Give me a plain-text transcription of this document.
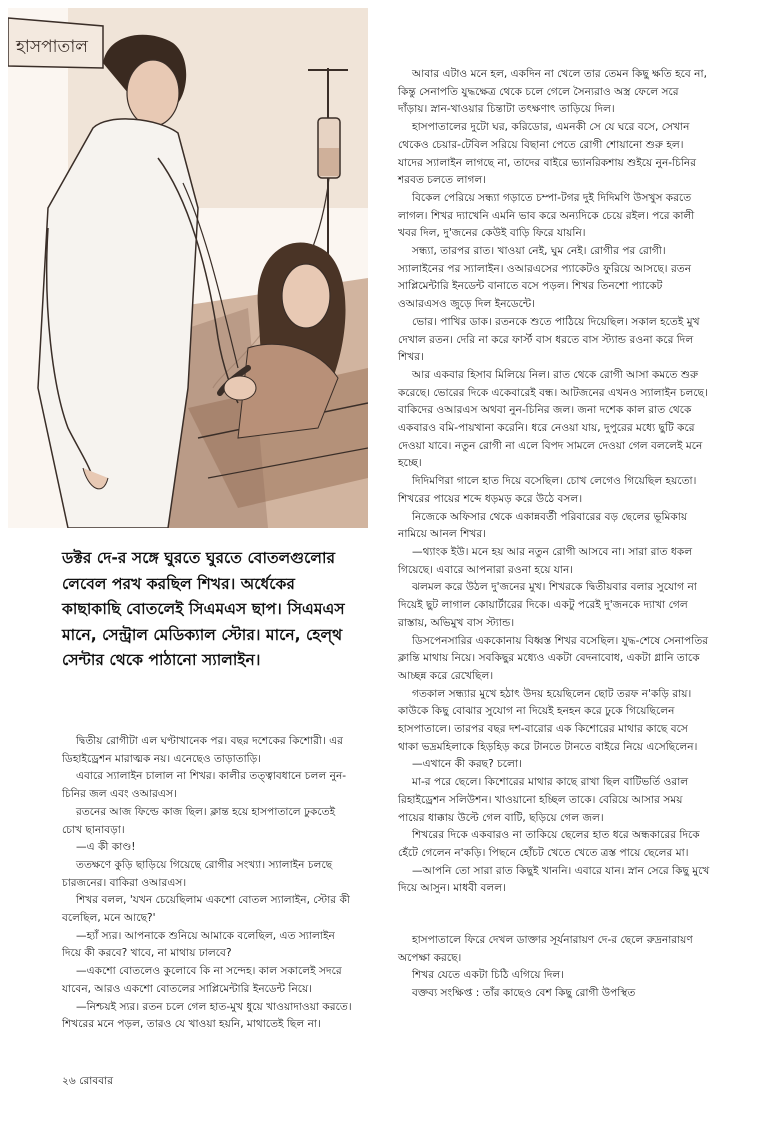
হাসপাতাল

ডক্টর দে-র সঙ্গে ঘুরতে ঘুরতে বোতলগুলোর লেবেল পরখ করছিল শিখর। অর্ধেকের কাছাকাছি বোতলেই সিএমএস ছাপ। সিএমএস মানে, সেন্ট্রাল মেডিক্যাল স্টোর। মানে, হেল্থ সেন্টার থেকে পাঠানো স্যালাইন।

দ্বিতীয় রোগীটা এল ঘণ্টাখানেক পর। বছর দশেকের কিশোরী। এর ডিহাইড্রেশন মারাত্মক নয়। এনেছেও তাড়াতাড়ি।

এবারে স্যালাইন চালাল না শিখর। কালীর তত্ত্বাবধানে চলল নুন-চিনির জল এবং ওআরএস।

রতনের আজ ফিল্ডে কাজ ছিল। ক্লান্ত হয়ে হাসপাতালে ঢুকতেই চোখ ছানাবড়া।

—এ কী কাণ্ড!

ততক্ষণে কুড়ি ছাড়িয়ে গিয়েছে রোগীর সংখ্যা। স্যালাইন চলছে চারজনের। বাকিরা ওআরএস।

শিখর বলল, 'যখন চেয়েছিলাম একশো বোতল স্যালাইন, স্টোর কী বলেছিল, মনে আছে?'

—হ্যাঁ স্যর। আপনাকে শুনিয়ে আমাকে বলেছিল, এত স্যালাইন দিয়ে কী করবে? খাবে, না মাথায় ঢালবে?

—একশো বোতলেও কুলোবে কি না সন্দেহ। কাল সকালেই সদরে যাবেন, আরও একশো বোতলের সাপ্লিমেন্টারি ইনডেন্ট নিয়ে।

—নিশ্চয়ই স্যর। রতন চলে গেল হাত-মুখ ধুয়ে খাওয়াদাওয়া করতে। শিখরের মনে পড়ল, তারও যে খাওয়া হয়নি, মাথাতেই ছিল না।

আবার এটাও মনে হল, একদিন না খেলে তার তেমন কিছু ক্ষতি হবে না, কিন্তু সেনাপতি যুদ্ধক্ষেত্র থেকে চলে গেলে সৈন্যরাও অস্ত্র ফেলে সরে দাঁড়ায়। স্নান-খাওয়ার চিন্তাটা তৎক্ষণাৎ তাড়িয়ে দিল।

হাসপাতালের দুটো ঘর, করিডোর, এমনকী সে যে ঘরে বসে, সেখান থেকেও চেয়ার-টেবিল সরিয়ে বিছানা পেতে রোগী শোয়ানো শুরু হল। যাদের স্যালাইন লাগছে না, তাদের বাইরে ভ্যানরিকশায় শুইয়ে নুন-চিনির শরবত চলতে লাগল।

বিকেল পেরিয়ে সন্ধ্যা গড়াতে চম্পা-টগর দুই দিদিমণি উসখুস করতে লাগল। শিখর দ্যাখেনি এমনি ভাব করে অন্যদিকে চেয়ে রইল। পরে কালী খবর দিল, দু'জনের কেউই বাড়ি ফিরে যায়নি।

সন্ধ্যা, তারপর রাত। খাওয়া নেই, ঘুম নেই। রোগীর পর রোগী। স্যালাইনের পর স্যালাইন। ওআরএসের প্যাকেটও ফুরিয়ে আসছে। রতন সাপ্লিমেন্টারি ইনডেন্ট বানাতে বসে পড়ল। শিখর তিনশো প্যাকেট ওআরএসও জুড়ে দিল ইনডেন্টে।

ভোর। পাখির ডাক। রতনকে শুতে পাঠিয়ে দিয়েছিল। সকাল হতেই মুখ দেখাল রতন। দেরি না করে ফার্স্ট বাস ধরতে বাস স্ট্যান্ড রওনা করে দিল শিখর।

আর একবার হিসাব মিলিয়ে নিল। রাত থেকে রোগী আসা কমতে শুরু করেছে। ভোরের দিকে একেবারেই বন্ধ। আটজনের এখনও স্যালাইন চলছে। বাকিদের ওআরএস অথবা নুন-চিনির জল। জনা দশেক কাল রাত থেকে একবারও বমি-পায়খানা করেনি। ধরে নেওয়া যায়, দুপুরের মধ্যে ছুটি করে দেওয়া যাবে। নতুন রোগী না এলে বিপদ সামলে দেওয়া গেল বললেই মনে হচ্ছে।

দিদিমণিরা গালে হাত দিয়ে বসেছিল। চোখ লেগেও গিয়েছিল হয়তো। শিখরের পায়ের শব্দে ধড়মড় করে উঠে বসল।

নিজেকে অফিসার থেকে একান্নবর্তী পরিবারের বড় ছেলের ভূমিকায় নামিয়ে আনল শিখর।

—থ্যাংক ইউ। মনে হয় আর নতুন রোগী আসবে না। সারা রাত ধকল গিয়েছে। এবারে আপনারা রওনা হয়ে যান।

ঝলমল করে উঠল দু'জনের মুখ। শিখরকে দ্বিতীয়বার বলার সুযোগ না দিয়েই ছুট লাগাল কোয়ার্টারের দিকে। একটু পরেই দু'জনকে দ্যাখা গেল রাস্তায়, অভিমুখ বাস স্ট্যান্ড।

ডিসপেনসারির এককোনায় বিধ্বস্ত শিখর বসেছিল। যুদ্ধ-শেষে সেনাপতির ক্লান্তি মাথায় নিয়ে। সবকিছুর মধ্যেও একটা বেদনাবোধ, একটা গ্লানি তাকে আচ্ছন্ন করে রেখেছিল।

গতকাল সন্ধ্যার মুখে হঠাৎ উদয় হয়েছিলেন ছোট তরফ ন'কড়ি রায়। কাউকে কিছু বোঝার সুযোগ না দিয়েই হনহন করে ঢুকে গিয়েছিলেন হাসপাতালে। তারপর বছর দশ-বারোর এক কিশোরের মাথার কাছে বসে থাকা ভদ্রমহিলাকে হিড়হিড় করে টানতে টানতে বাইরে নিয়ে এসেছিলেন।

—এখানে কী করছ? চলো।

মা-র পরে ছেলে। কিশোরের মাথার কাছে রাখা ছিল বাটিভর্তি ওরাল রিহাইড্রেশন সলিউশন। খাওয়ানো হচ্ছিল তাকে। বেরিয়ে আসার সময় পায়ের ধাক্কায় উল্টে গেল বাটি, ছড়িয়ে গেল জল।

শিখরের দিকে একবারও না তাকিয়ে ছেলের হাত ধরে অন্ধকারের দিকে হেঁটে গেলেন ন'কড়ি। পিছনে হোঁচট খেতে খেতে ত্রস্ত পায়ে ছেলের মা।

—আপনি তো সারা রাত কিছুই খাননি। এবারে যান। স্নান সেরে কিছু মুখে দিয়ে আসুন। মাধবী বলল।

হাসপাতালে ফিরে দেখল ডাক্তার সূর্যনারায়ণ দে-র ছেলে রুদ্রনারায়ণ অপেক্ষা করছে।

শিখর যেতে একটা চিঠি এগিয়ে দিল।

বক্তব্য সংক্ষিপ্ত : তাঁর কাছেও বেশ কিছু রোগী উপস্থিত

২৬ রোববার
